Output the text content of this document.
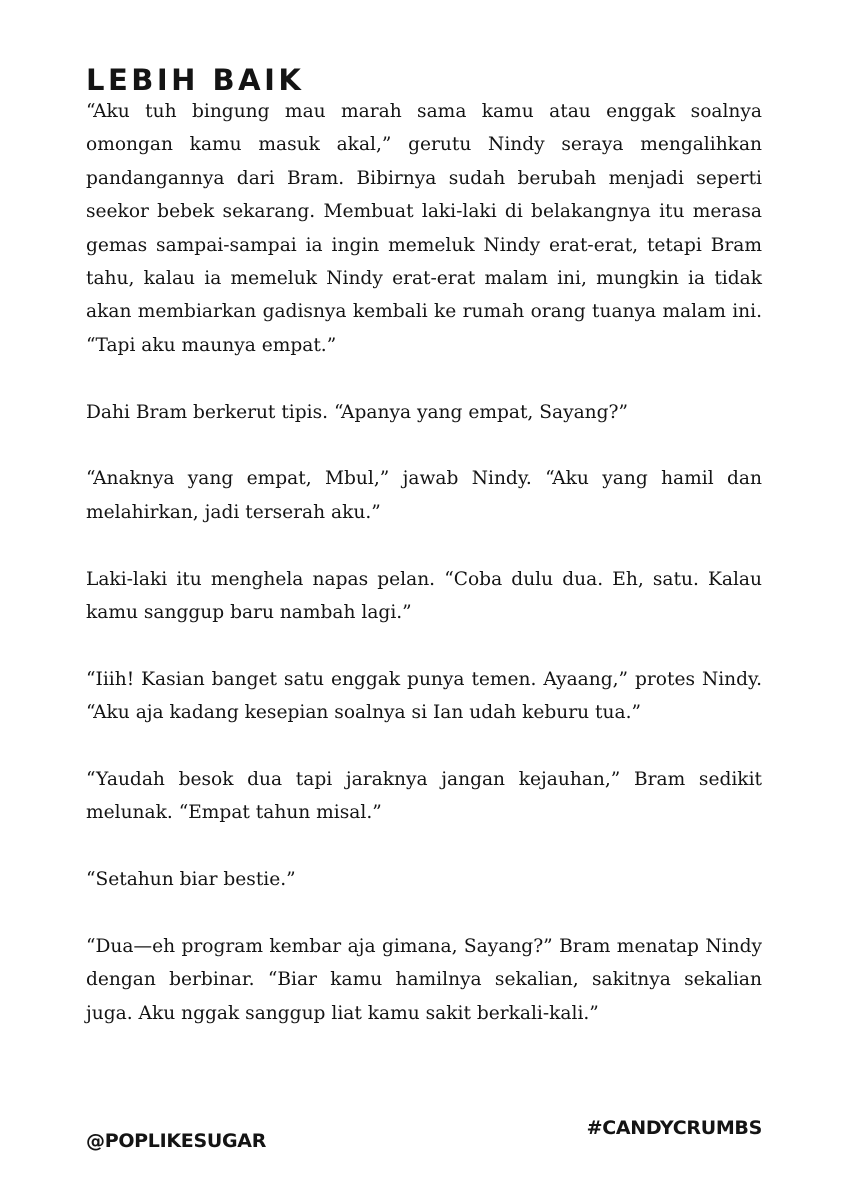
LEBIH BAIK

“Aku tuh bingung mau marah sama kamu atau enggak soalnya omongan kamu masuk akal,” gerutu Nindy seraya mengalihkan pandangannya dari Bram. Bibirnya sudah berubah menjadi seperti seekor bebek sekarang. Membuat laki-laki di belakangnya itu merasa gemas sampai-sampai ia ingin memeluk Nindy erat-erat, tetapi Bram tahu, kalau ia memeluk Nindy erat-erat malam ini, mungkin ia tidak akan membiarkan gadisnya kembali ke rumah orang tuanya malam ini. “Tapi aku maunya empat.”

Dahi Bram berkerut tipis. “Apanya yang empat, Sayang?”

“Anaknya yang empat, Mbul,” jawab Nindy. “Aku yang hamil dan melahirkan, jadi terserah aku.”

Laki-laki itu menghela napas pelan. “Coba dulu dua. Eh, satu. Kalau kamu sanggup baru nambah lagi.”

“Iiih! Kasian banget satu enggak punya temen. Ayaang,” protes Nindy. “Aku aja kadang kesepian soalnya si Ian udah keburu tua.”

“Yaudah besok dua tapi jaraknya jangan kejauhan,” Bram sedikit melunak. “Empat tahun misal.”

“Setahun biar bestie.”

“Dua—eh program kembar aja gimana, Sayang?” Bram menatap Nindy dengan berbinar. “Biar kamu hamilnya sekalian, sakitnya sekalian juga. Aku nggak sanggup liat kamu sakit berkali-kali.”

@POPLIKESUGAR
#CANDYCRUMBS
